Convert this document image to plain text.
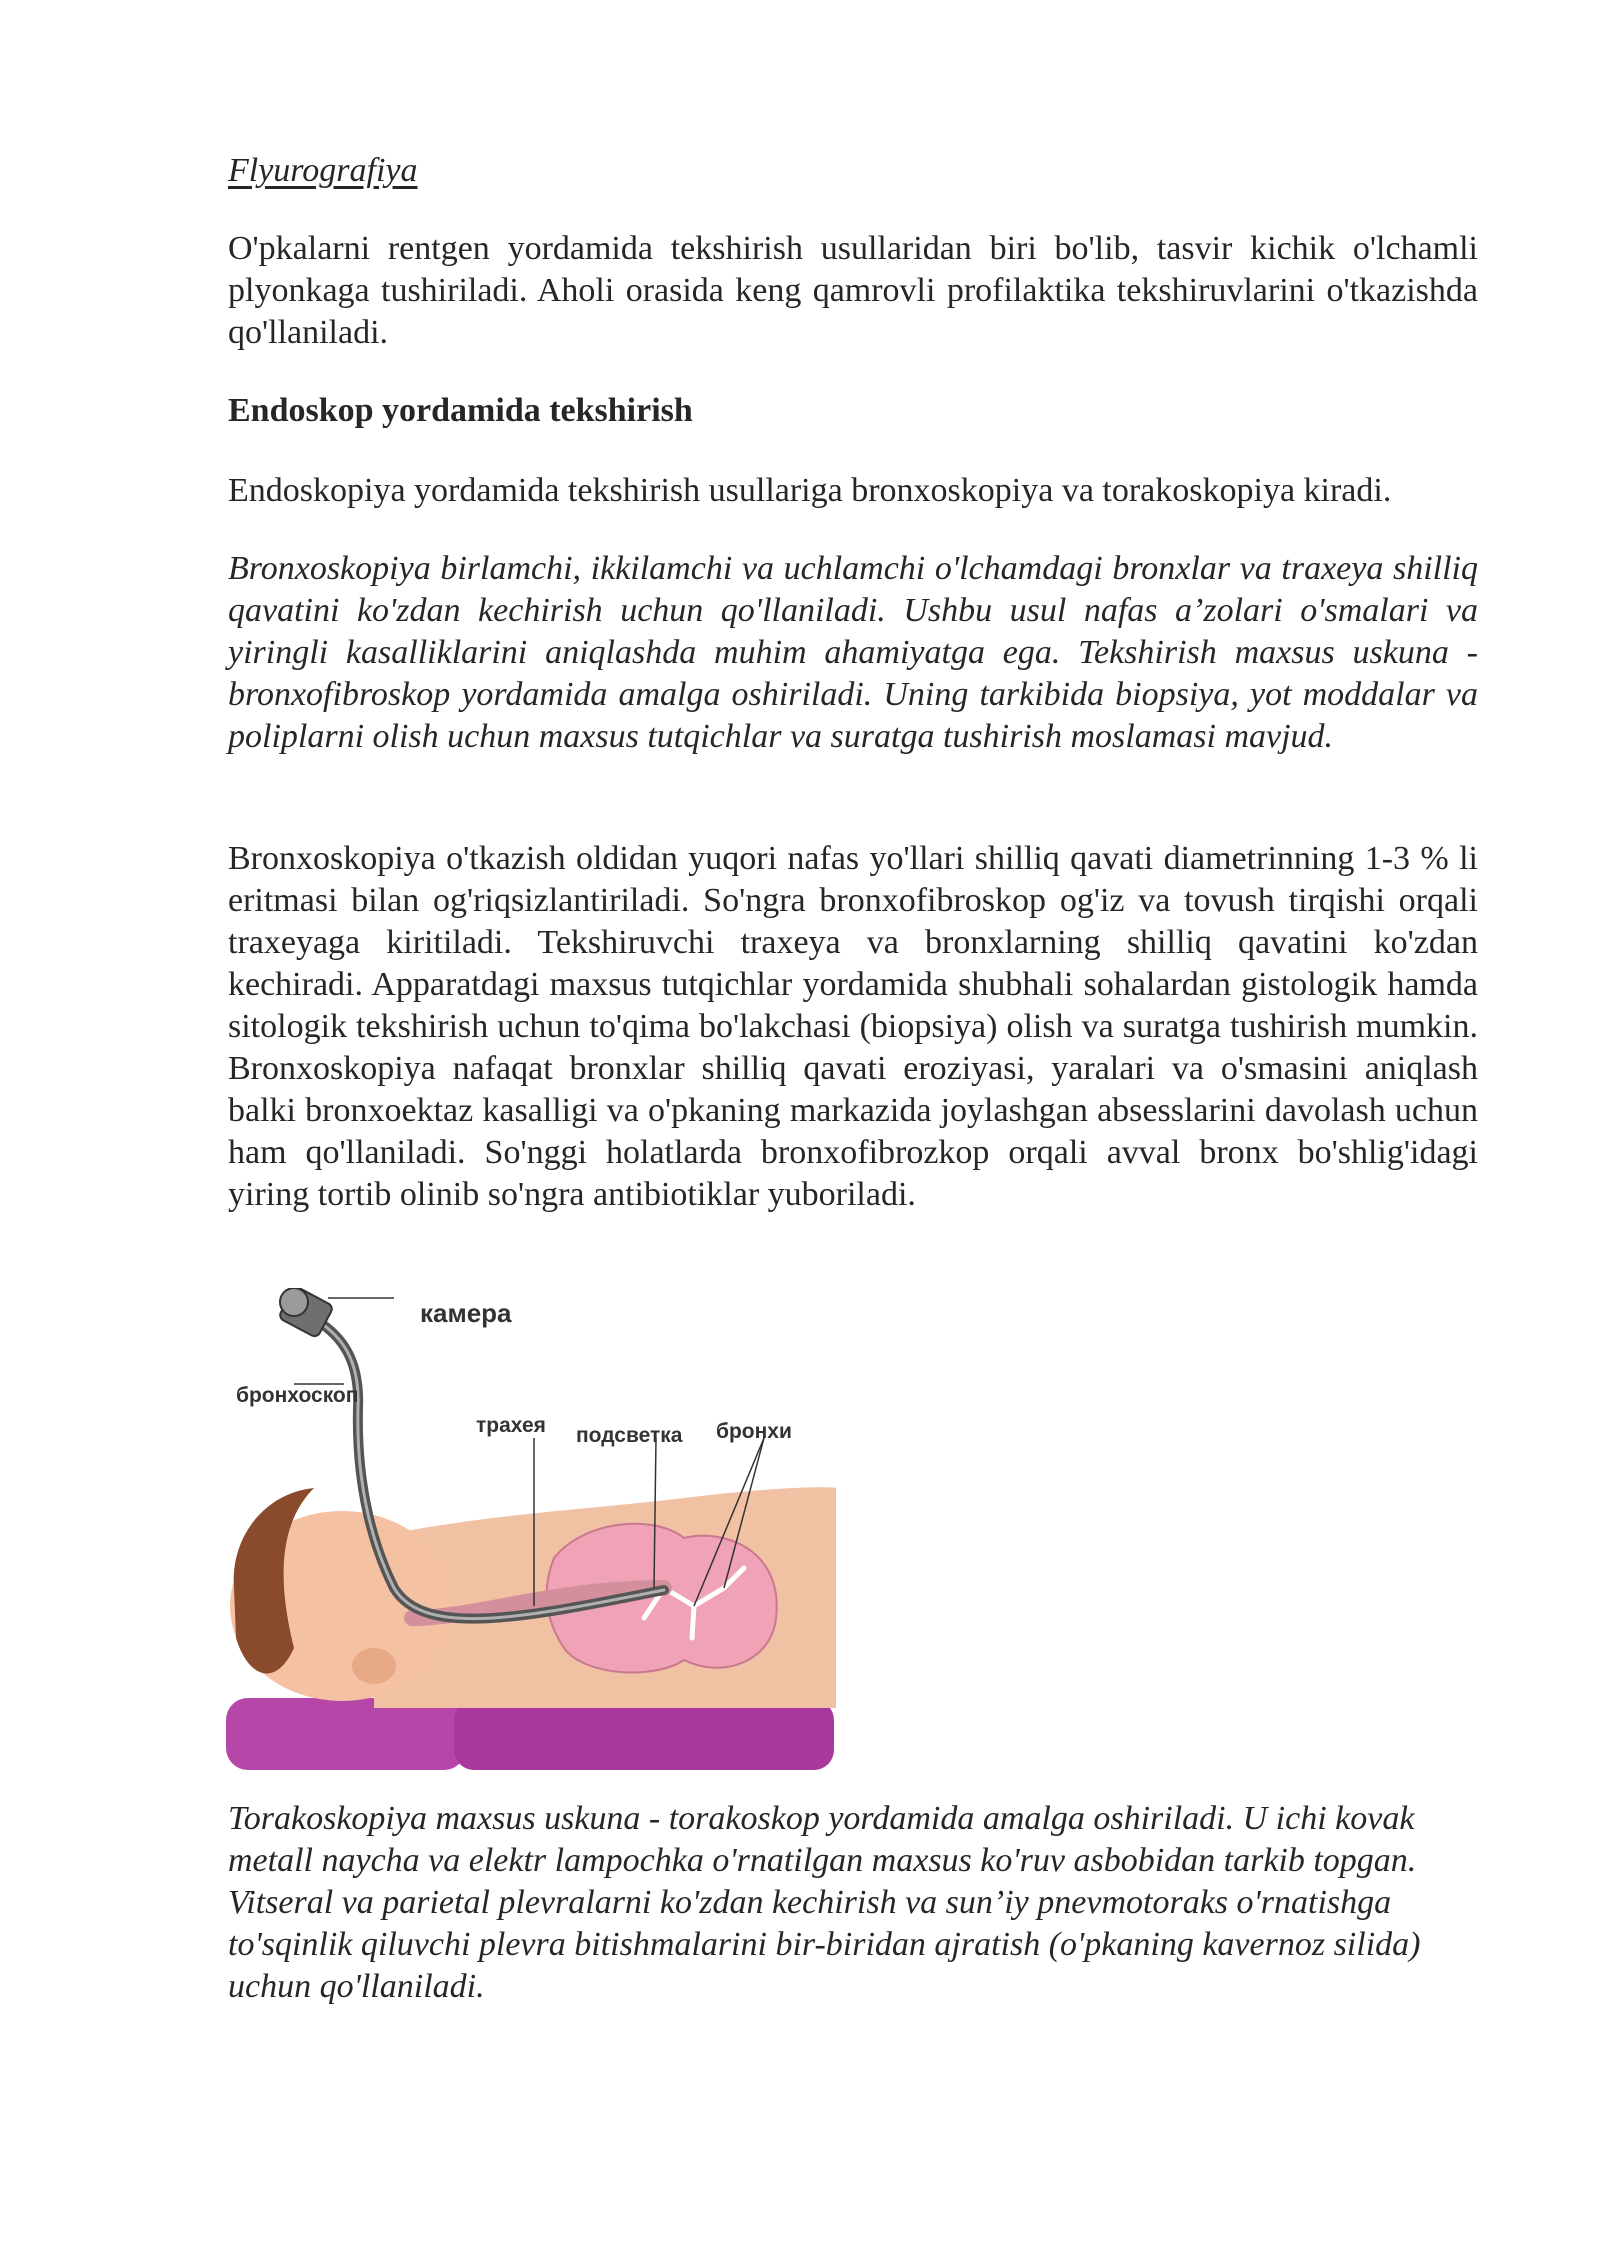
Flyurografiya

O'pkalarni rentgen yordamida tekshirish usullaridan biri bo'lib, tasvir kichik o'lchamli plyonkaga tushiriladi. Aholi orasida keng qamrovli profilaktika tekshiruvlarini o'tkazishda qo'llaniladi.

Endoskop yordamida tekshirish

Endoskopiya yordamida tekshirish usullariga bronxoskopiya va torakoskopiya kiradi.

Bronxoskopiya birlamchi, ikkilamchi va uchlamchi o'lchamdagi bronxlar va traxeya shilliq qavatini ko'zdan kechirish uchun qo'llaniladi. Ushbu usul nafas a’zolari o'smalari va yiringli kasalliklarini aniqlashda muhim ahamiyatga ega. Tekshirish maxsus uskuna - bronxofibroskop yordamida amalga oshiriladi. Uning tarkibida biopsiya, yot moddalar va poliplarni olish uchun maxsus tutqichlar va suratga tushirish moslamasi mavjud.

Bronxoskopiya o'tkazish oldidan yuqori nafas yo'llari shilliq qavati diametrinning 1-3 % li eritmasi bilan og'riqsizlantiriladi. So'ngra bronxofibroskop og'iz va tovush tirqishi orqali traxeyaga kiritiladi. Tekshiruvchi traxeya va bronxlarning shilliq qavatini ko'zdan kechiradi. Apparatdagi maxsus tutqichlar yordamida shubhali sohalardan gistologik hamda sitologik tekshirish uchun to'qima bo'lakchasi (biopsiya) olish va suratga tushirish mumkin. Bronxoskopiya nafaqat bronxlar shilliq qavati eroziyasi, yaralari va o'smasini aniqlash balki bronxoektaz kasalligi va o'pkaning markazida joylashgan absesslarini davolash uchun ham qo'llaniladi. So'nggi holatlarda bronxofibrozkop orqali avval bronx bo'shlig'idagi yiring tortib olinib so'ngra antibiotiklar yuboriladi.

камера
бронхоскоп
трахея подсветка бронхи

Torakoskopiya maxsus uskuna - torakoskop yordamida amalga oshiriladi. U ichi kovak metall naycha va elektr lampochka o'rnatilgan maxsus ko'ruv asbobidan tarkib topgan. Vitseral va parietal plevralarni ko'zdan kechirish va sun’iy pnevmotoraks o'rnatishga to'sqinlik qiluvchi plevra bitishmalarini bir-biridan ajratish (o'pkaning kavernoz silida) uchun qo'llaniladi.
